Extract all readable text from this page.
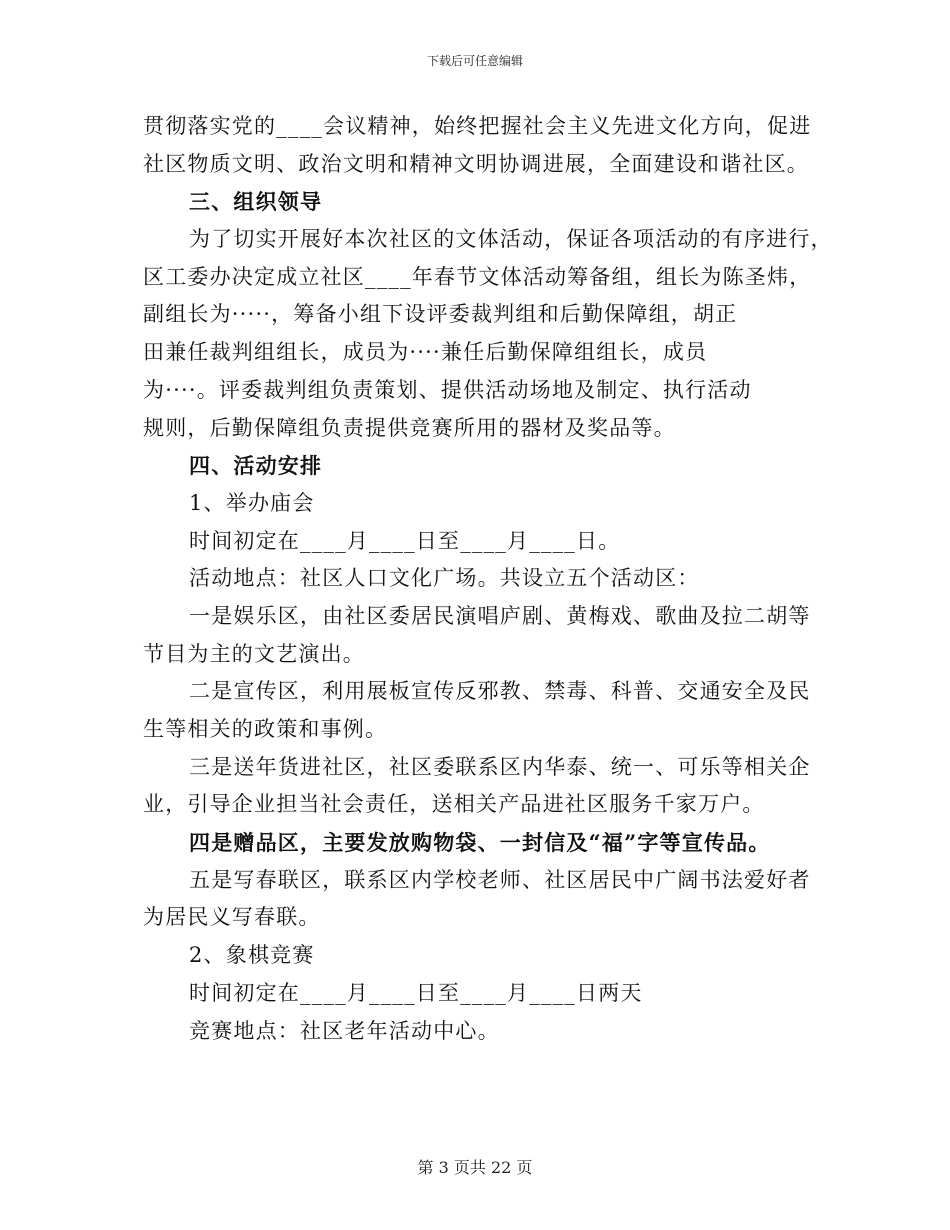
下载后可任意编辑
贯彻落实党的____会议精神，始终把握社会主义先进文化方向，促进
社区物质文明、政治文明和精神文明协调进展，全面建设和谐社区。
三、组织领导
为了切实开展好本次社区的文体活动，保证各项活动的有序进行，
区工委办决定成立社区____年春节文体活动筹备组，组长为陈圣炜，
副组长为·····，筹备小组下设评委裁判组和后勤保障组，胡正
田兼任裁判组组长，成员为····兼任后勤保障组组长，成员
为····。评委裁判组负责策划、提供活动场地及制定、执行活动
规则，后勤保障组负责提供竞赛所用的器材及奖品等。
四、活动安排
1、举办庙会
时间初定在____月____日至____月____日。
活动地点：社区人口文化广场。共设立五个活动区：
一是娱乐区，由社区委居民演唱庐剧、黄梅戏、歌曲及拉二胡等
节目为主的文艺演出。
二是宣传区，利用展板宣传反邪教、禁毒、科普、交通安全及民
生等相关的政策和事例。
三是送年货进社区，社区委联系区内华泰、统一、可乐等相关企
业，引导企业担当社会责任，送相关产品进社区服务千家万户。
四是赠品区，主要发放购物袋、一封信及“福”字等宣传品。
五是写春联区，联系区内学校老师、社区居民中广阔书法爱好者
为居民义写春联。
2、象棋竞赛
时间初定在____月____日至____月____日两天
竞赛地点：社区老年活动中心。
第 3 页共 22 页
